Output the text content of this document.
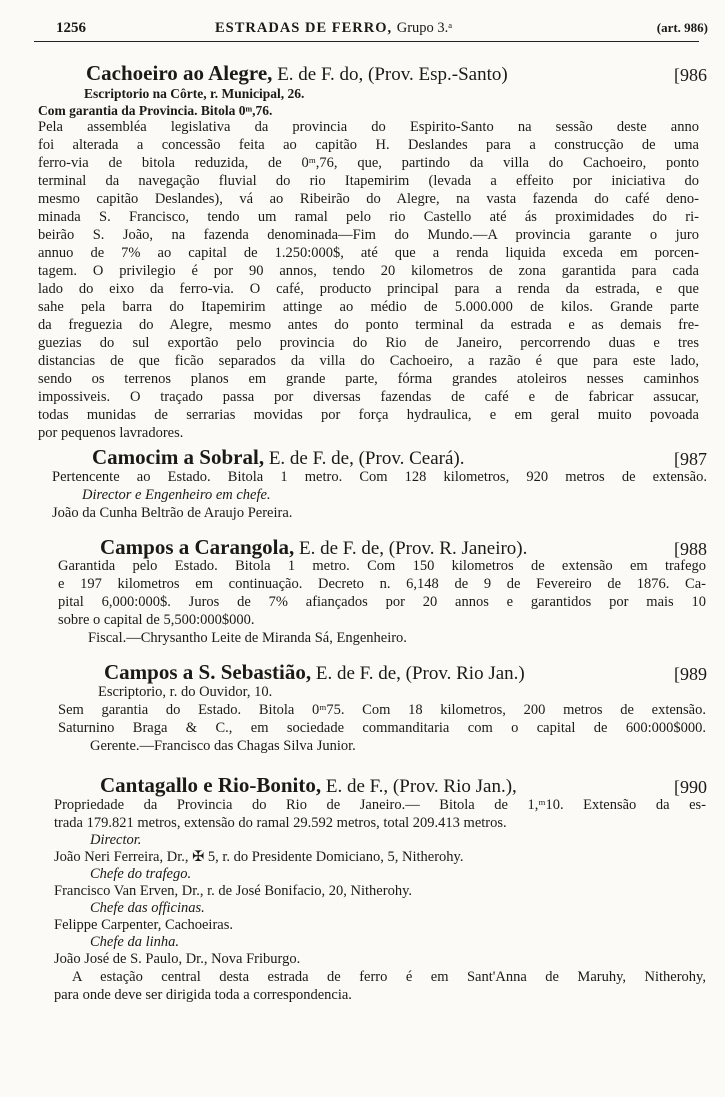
1256	ESTRADAS DE FERRO, Grupo 3.ᵃ	(art. 986)
Cachoeiro ao Alegre, E. de F. do, (Prov. Esp.-Santo)	[986
Escriptorio na Côrte, r. Municipal, 26.
Com garantia da Provincia. Bitola 0ᵐ,76.
Pela assembléa legislativa da provincia do Espirito-Santo na sessão deste anno
foi alterada a concessão feita ao capitão H. Deslandes para a construcção de uma
ferro-via de bitola reduzida, de 0ᵐ,76, que, partindo da villa do Cachoeiro, ponto
terminal da navegação fluvial do rio Itapemirim (levada a effeito por iniciativa do
mesmo capitão Deslandes), vá ao Ribeirão do Alegre, na vasta fazenda do café deno-
minada S. Francisco, tendo um ramal pelo rio Castello até ás proximidades do ri-
beirão S. João, na fazenda denominada—Fim do Mundo.—A provincia garante o juro
annuo de 7% ao capital de 1.250:000$, até que a renda liquida exceda em porcen-
tagem. O privilegio é por 90 annos, tendo 20 kilometros de zona garantida para cada
lado do eixo da ferro-via. O café, producto principal para a renda da estrada, e que
sahe pela barra do Itapemirim attinge ao médio de 5.000.000 de kilos. Grande parte
da freguezia do Alegre, mesmo antes do ponto terminal da estrada e as demais fre-
guezias do sul exportão pelo provincia do Rio de Janeiro, percorrendo duas e tres
distancias de que ficão separados da villa do Cachoeiro, a razão é que para este lado,
sendo os terrenos planos em grande parte, fórma grandes atoleiros nesses caminhos
impossiveis. O traçado passa por diversas fazendas de café e de fabricar assucar,
todas munidas de serrarias movidas por força hydraulica, e em geral muito povoada
por pequenos lavradores.
Camocim a Sobral, E. de F. de, (Prov. Ceará).	[987
Pertencente ao Estado. Bitola 1 metro. Com 128 kilometros, 920 metros de extensão.
Director e Engenheiro em chefe.
João da Cunha Beltrão de Araujo Pereira.
Campos a Carangola, E. de F. de, (Prov. R. Janeiro).	[988
Garantida pelo Estado. Bitola 1 metro. Com 150 kilometros de extensão em trafego
e 197 kilometros em continuação. Decreto n. 6,148 de 9 de Fevereiro de 1876. Ca-
pital 6,000:000$. Juros de 7% afiançados por 20 annos e garantidos por mais 10
sobre o capital de 5,500:000$000.
Fiscal.—Chrysantho Leite de Miranda Sá, Engenheiro.
Campos a S. Sebastião, E. de F. de, (Prov. Rio Jan.)	[989
Escriptorio, r. do Ouvidor, 10.
Sem garantia do Estado. Bitola 0ᵐ75. Com 18 kilometros, 200 metros de extensão.
Saturnino Braga & C., em sociedade commanditaria com o capital de 600:000$000.
Gerente.—Francisco das Chagas Silva Junior.
Cantagallo e Rio-Bonito, E. de F., (Prov. Rio Jan.),	[990
Propriedade da Provincia do Rio de Janeiro.— Bitola de 1,ᵐ10. Extensão da es-
trada 179.821 metros, extensão do ramal 29.592 metros, total 209.413 metros.
Director.
João Neri Ferreira, Dr., ✠ 5, r. do Presidente Domiciano, 5, Nitherohy.
Chefe do trafego.
Francisco Van Erven, Dr., r. de José Bonifacio, 20, Nitherohy.
Chefe das officinas.
Felippe Carpenter, Cachoeiras.
Chefe da linha.
João José de S. Paulo, Dr., Nova Friburgo.
A estação central desta estrada de ferro é em Sant'Anna de Maruhy, Nitherohy,
para onde deve ser dirigida toda a correspondencia.
